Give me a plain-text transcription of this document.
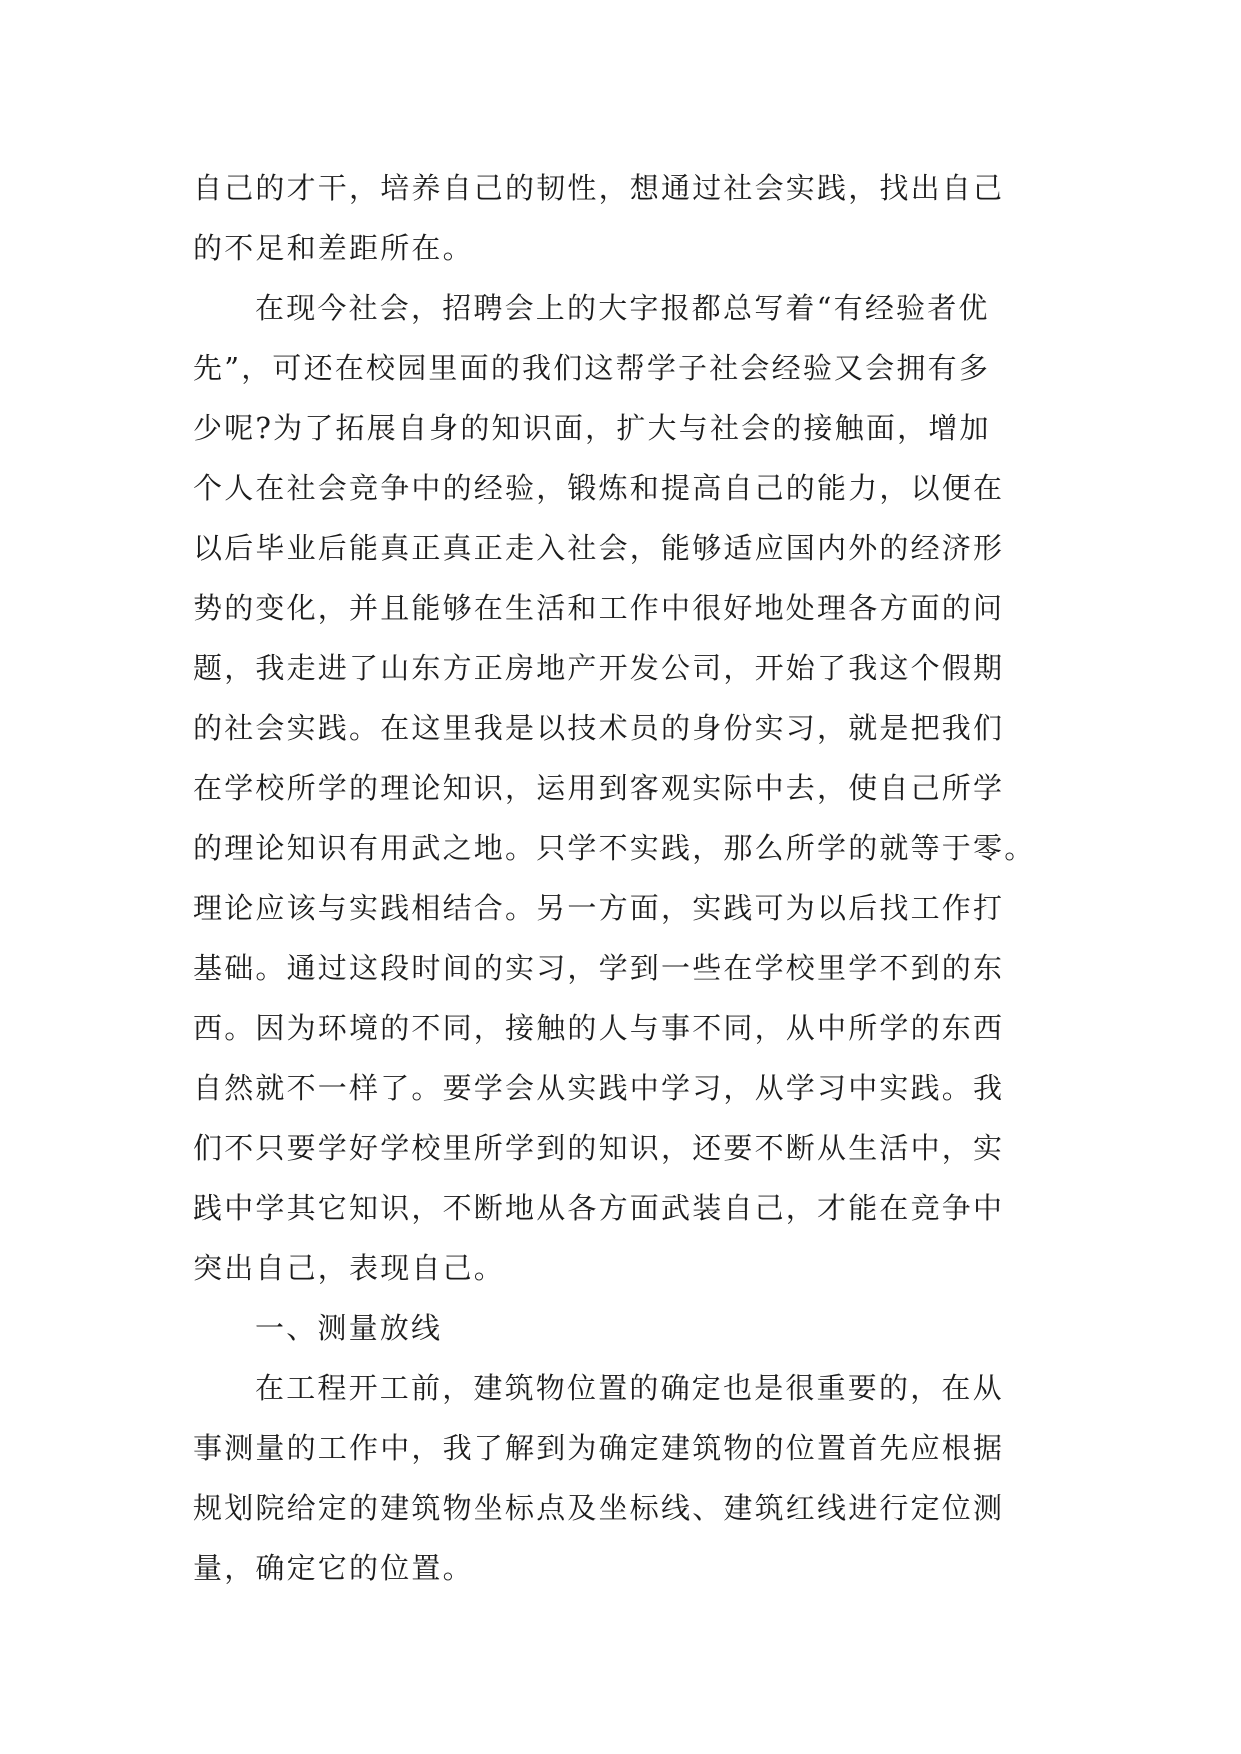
自己的才干，培养自己的韧性，想通过社会实践，找出自己
的不足和差距所在。
在现今社会，招聘会上的大字报都总写着“有经验者优
先”，可还在校园里面的我们这帮学子社会经验又会拥有多
少呢?为了拓展自身的知识面，扩大与社会的接触面，增加
个人在社会竞争中的经验，锻炼和提高自己的能力，以便在
以后毕业后能真正真正走入社会，能够适应国内外的经济形
势的变化，并且能够在生活和工作中很好地处理各方面的问
题，我走进了山东方正房地产开发公司，开始了我这个假期
的社会实践。在这里我是以技术员的身份实习，就是把我们
在学校所学的理论知识，运用到客观实际中去，使自己所学
的理论知识有用武之地。只学不实践，那么所学的就等于零。
理论应该与实践相结合。另一方面，实践可为以后找工作打
基础。通过这段时间的实习，学到一些在学校里学不到的东
西。因为环境的不同，接触的人与事不同，从中所学的东西
自然就不一样了。要学会从实践中学习，从学习中实践。我
们不只要学好学校里所学到的知识，还要不断从生活中，实
践中学其它知识，不断地从各方面武装自己，才能在竞争中
突出自己，表现自己。
一、测量放线
在工程开工前，建筑物位置的确定也是很重要的，在从
事测量的工作中，我了解到为确定建筑物的位置首先应根据
规划院给定的建筑物坐标点及坐标线、建筑红线进行定位测
量，确定它的位置。
